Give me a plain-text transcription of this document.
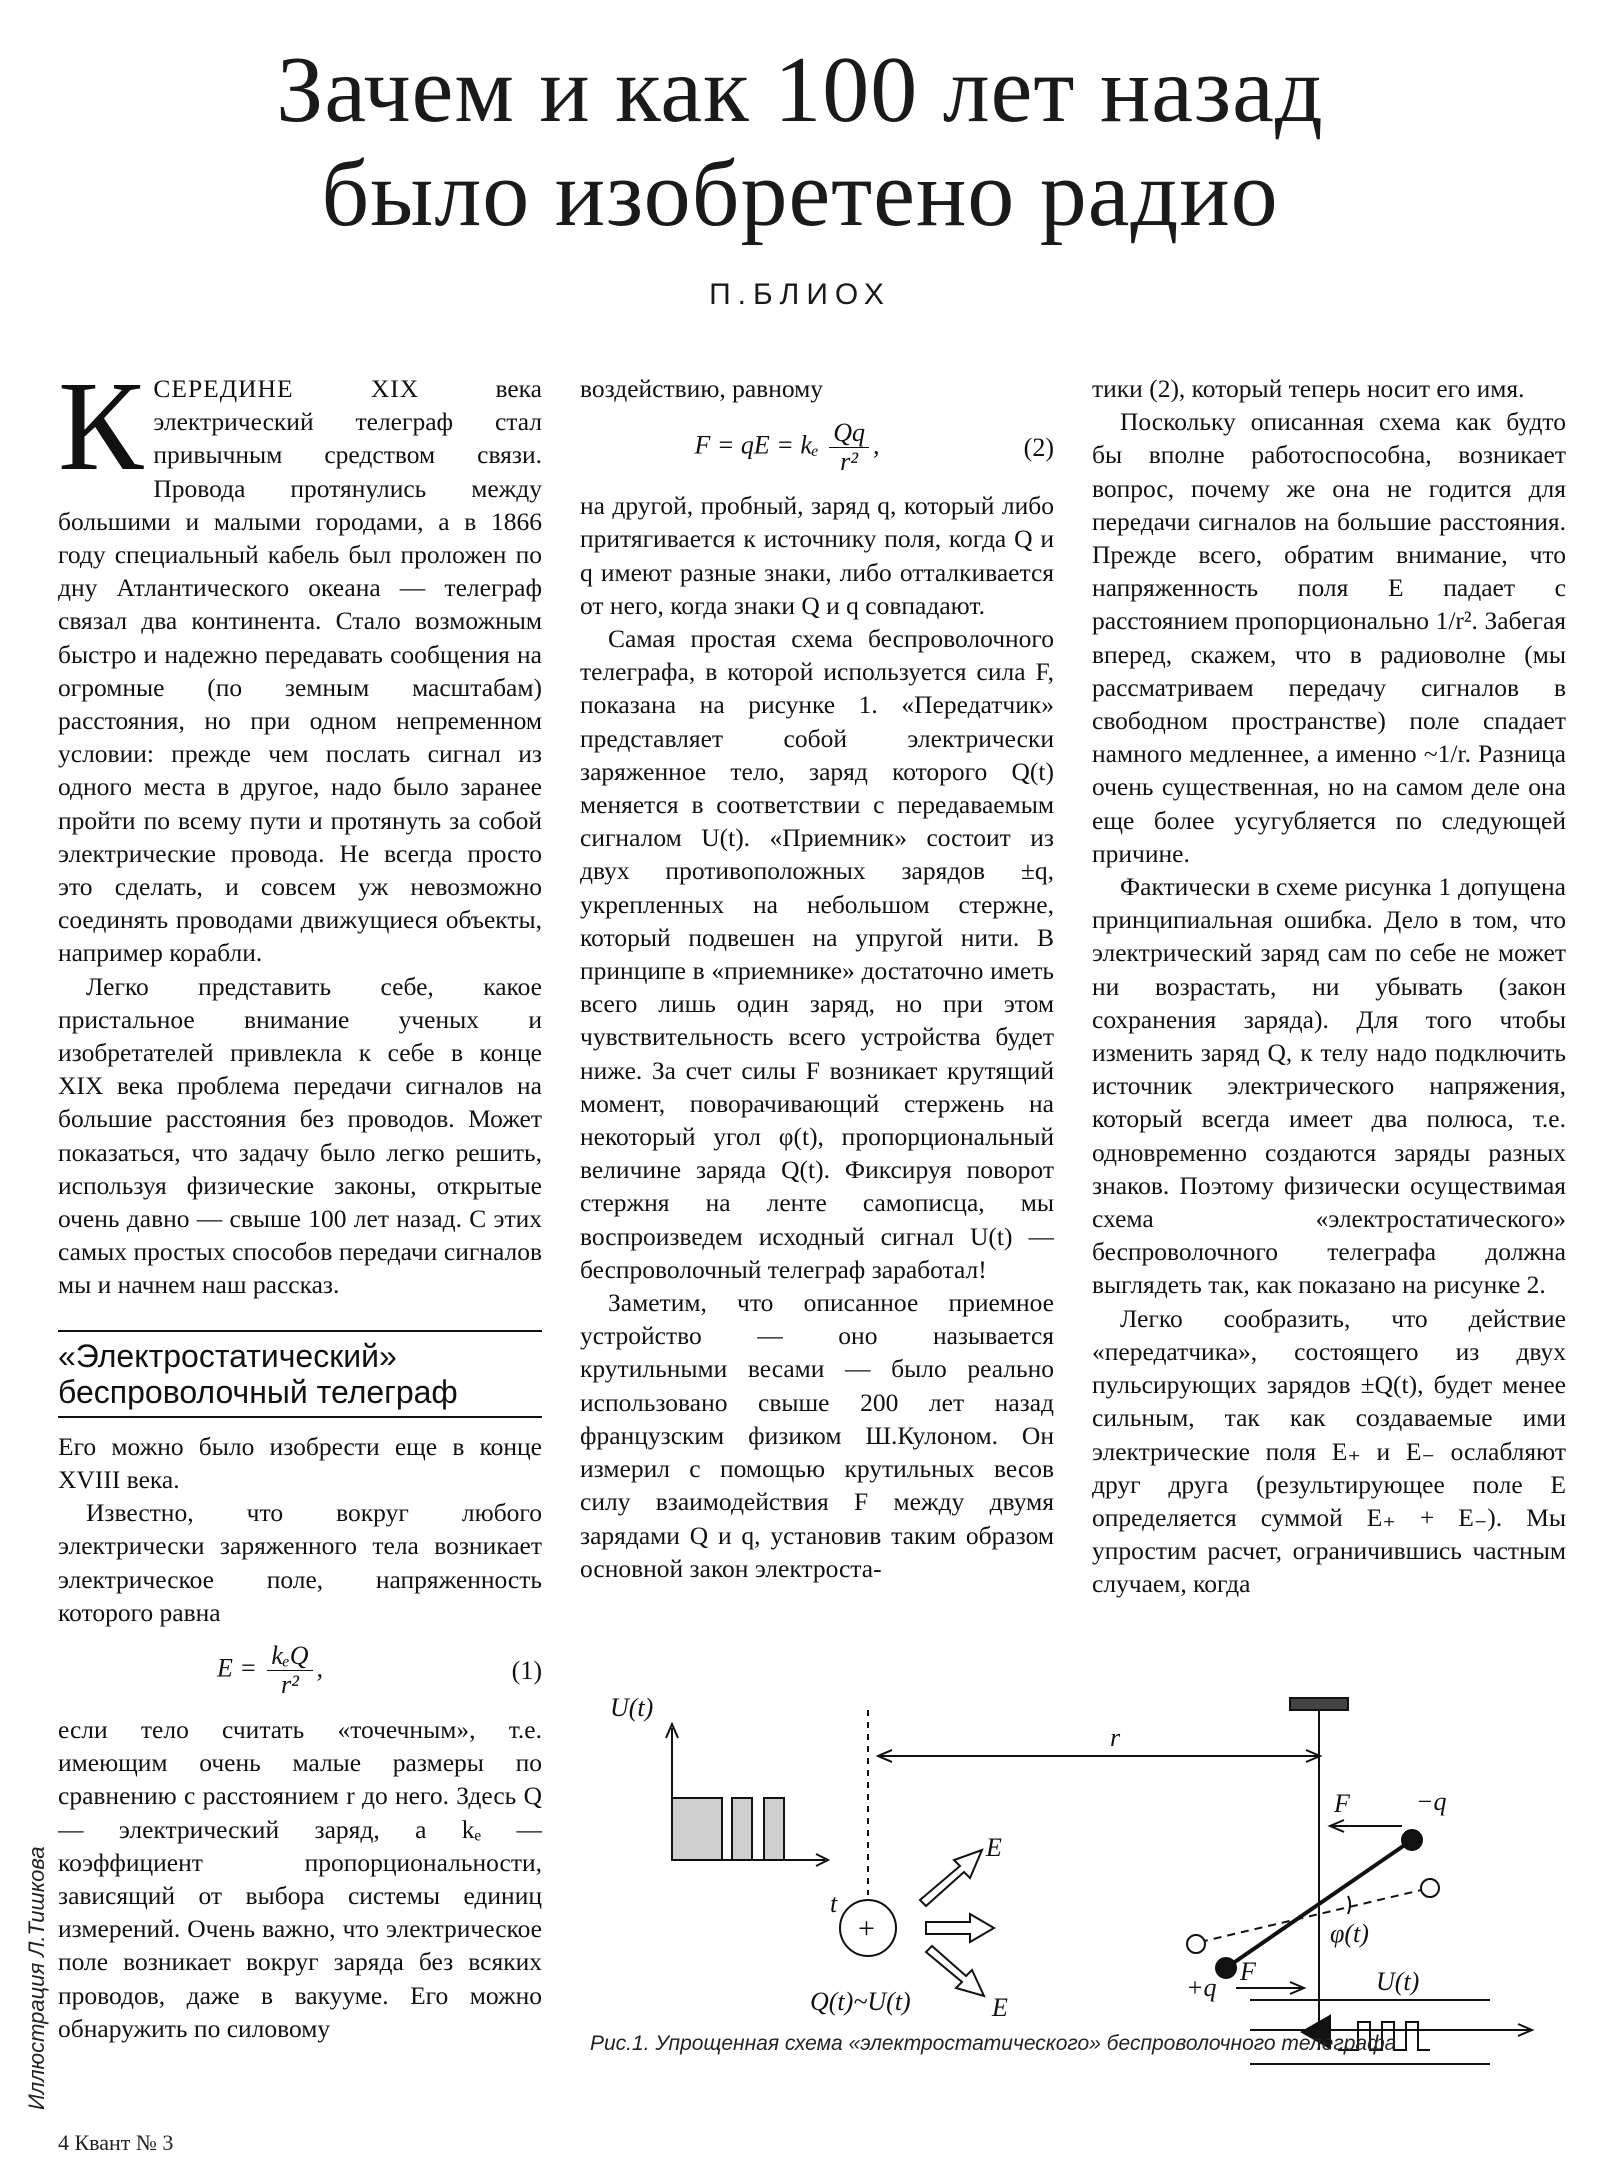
Зачем и как 100 лет назад
было изобретено радио
П.БЛИОХ

КСЕРЕДИНЕ XIX века электрический телеграф стал привычным средством связи. Провода протянулись между большими и малыми городами, а в 1866 году специальный кабель был проложен по дну Атлантического океана — телеграф связал два континента. Стало возможным быстро и надежно передавать сообщения на огромные (по земным масштабам) расстояния, но при одном непременном условии: прежде чем послать сигнал из одного места в другое, надо было заранее пройти по всему пути и протянуть за собой электрические провода. Не всегда просто это сделать, и совсем уж невозможно соединять проводами движущиеся объекты, например корабли.

Легко представить себе, какое пристальное внимание ученых и изобретателей привлекла к себе в конце XIX века проблема передачи сигналов на большие расстояния без проводов. Может показаться, что задачу было легко решить, используя физические законы, открытые очень давно — свыше 100 лет назад. С этих самых простых способов передачи сигналов мы и начнем наш рассказ.

«Электростатический» беспроволочный телеграф

Его можно было изобрести еще в конце XVIII века.

Известно, что вокруг любого электрически заряженного тела возникает электрическое поле, напряженность которого равна

$E = \frac{\text{kₑQ}}{\text{r²}}$ ,	(1)

если тело считать «точечным», т.е. имеющим очень малые размеры по сравнению с расстоянием r до него. Здесь Q — электрический заряд, а kₑ — коэффициент пропорциональности, зависящий от выбора системы единиц измерений. Очень важно, что электрическое поле возникает вокруг заряда без всяких проводов, даже в вакууме. Его можно обнаружить по силовому

воздействию, равному

F = qE = kₑ $\frac{Qq}{\text{r²}}$ ,	(2)

на другой, пробный, заряд q, который либо притягивается к источнику поля, когда Q и q имеют разные знаки, либо отталкивается от него, когда знаки Q и q совпадают.

Самая простая схема беспроволочного телеграфа, в которой используется сила F, показана на рисунке 1. «Передатчик» представляет собой электрически заряженное тело, заряд которого Q(t) меняется в соответствии с передаваемым сигналом U(t). «Приемник» состоит из двух противоположных зарядов ±q, укрепленных на небольшом стержне, который подвешен на упругой нити. В принципе в «приемнике» достаточно иметь всего лишь один заряд, но при этом чувствительность всего устройства будет ниже. За счет силы F возникает крутящий момент, поворачивающий стержень на некоторый угол φ(t), пропорциональный величине заряда Q(t). Фиксируя поворот стержня на ленте самописца, мы воспроизведем исходный сигнал U(t) — беспроволочный телеграф заработал!

Заметим, что описанное приемное устройство — оно называется крутильными весами — было реально использовано свыше 200 лет назад французским физиком Ш.Кулоном. Он измерил с помощью крутильных весов силу взаимодействия F между двумя зарядами Q и q, установив таким образом основной закон электроста-

тики (2), который теперь носит его имя.

Поскольку описанная схема как будто бы вполне работоспособна, возникает вопрос, почему же она не годится для передачи сигналов на большие расстояния. Прежде всего, обратим внимание, что напряженность поля E падает с расстоянием пропорционально 1/r². Забегая вперед, скажем, что в радиоволне (мы рассматриваем передачу сигналов в свободном пространстве) поле спадает намного медленнее, а именно ~1/r. Разница очень существенная, но на самом деле она еще более усугубляется по следующей причине.

Фактически в схеме рисунка 1 допущена принципиальная ошибка. Дело в том, что электрический заряд сам по себе не может ни возрастать, ни убывать (закон сохранения заряда). Для того чтобы изменить заряд Q, к телу надо подключить источник электрического напряжения, который всегда имеет два полюса, т.е. одновременно создаются заряды разных знаков. Поэтому физически осуществимая схема «электростатического» беспроволочного телеграфа должна выглядеть так, как показано на рисунке 2.

Легко сообразить, что действие «передатчика», состоящего из двух пульсирующих зарядов ±Q(t), будет менее сильным, так как создаваемые ими электрические поля E₊ и E₋ ослабляют друг друга (результирующее поле E определяется суммой E₊ + E₋). Мы упростим расчет, ограничившись частным случаем, когда

U(t)
t
+
Q(t)~U(t)
E
E
r
φ(t)
F	−q
F
+q	U(t)
Рис.1. Упрощенная схема «электростатического» беспроволочного телеграфа
Иллюстрация Л.Тишкова
4 Квант № 3
